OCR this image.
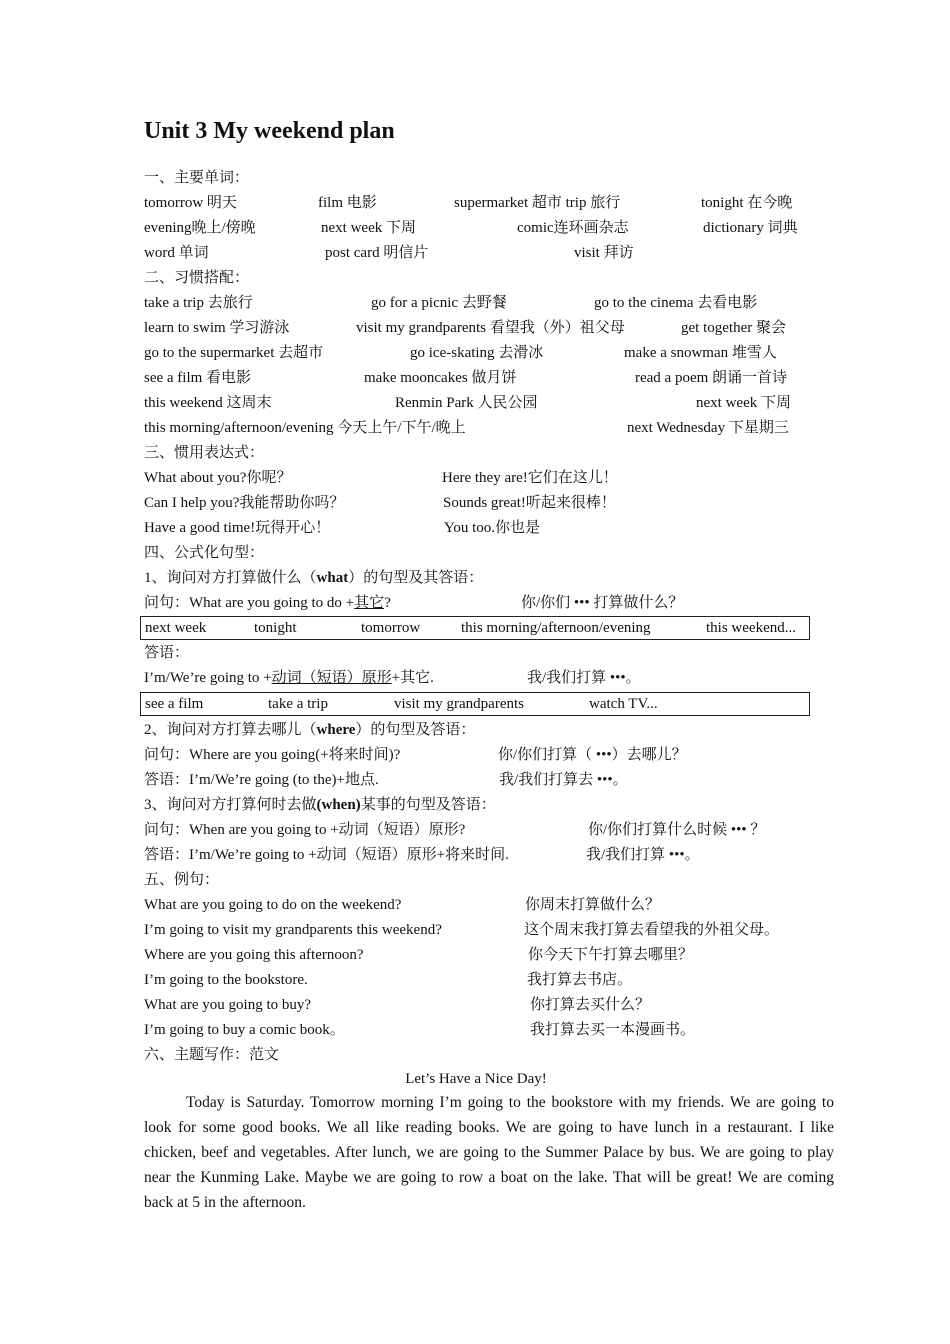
Unit 3 My weekend plan
一、主要单词：
tomorrow 明天	film 电影	supermarket 超市 trip 旅行	tonight 在今晚
evening晚上/傍晚	next week 下周	comic连环画杂志	dictionary 词典
word 单词	post card 明信片	visit 拜访
二、习惯搭配：
take a trip 去旅行	go for a picnic 去野餐	go to the cinema 去看电影
learn to swim 学习游泳	visit my grandparents 看望我（外）祖父母	get together 聚会
go to the supermarket 去超市	go ice-skating 去滑冰	make a snowman 堆雪人
see a film 看电影	make mooncakes 做月饼	read a poem 朗诵一首诗
this weekend 这周末	Renmin Park 人民公园	next week 下周
this morning/afternoon/evening 今天上午/下午/晚上	next Wednesday 下星期三
三、惯用表达式：
What about you?你呢？	Here they are!它们在这儿！
Can I help you?我能帮助你吗？	Sounds great!听起来很棒！
Have a good time!玩得开心！	You too.你也是
四、公式化句型：
1、询问对方打算做什么（what）的句型及其答语：
问句：What are you going to do +其它?	你/你们 ••• 打算做什么？
next week	tonight	tomorrow	this morning/afternoon/evening	this weekend...
答语：
I’m/We’re going to +动词（短语）原形+其它.	我/我们打算 •••。
see a film	take a trip	visit my grandparents	watch TV...
2、询问对方打算去哪儿（where）的句型及答语：
问句：Where are you going(+将来时间)?	你/你们打算（ •••）去哪儿？
答语：I’m/We’re going (to the)+地点.	我/我们打算去 •••。
3、询问对方打算何时去做(when)某事的句型及答语：
问句：When are you going to +动词（短语）原形?	你/你们打算什么时候 ••• ？
答语：I’m/We’re going to +动词（短语）原形+将来时间.	我/我们打算 •••。
五、例句：
What are you going to do on the weekend?	你周末打算做什么？
I’m going to visit my grandparents this weekend?	这个周末我打算去看望我的外祖父母。
Where are you going this afternoon?	你今天下午打算去哪里？
I’m going to the bookstore.	我打算去书店。
What are you going to buy?	你打算去买什么？
I’m going to buy a comic book。	我打算去买一本漫画书。
六、主题写作：范文
Let’s Have a Nice Day!
Today is Saturday. Tomorrow morning I’m going to the bookstore with my friends. We are going to look for some good books. We all like reading books. We are going to have lunch in a restaurant. I like chicken, beef and vegetables. After lunch, we are going to the Summer Palace by bus. We are going to play near the Kunming Lake. Maybe we are going to row a boat on the lake. That will be great! We are coming back at 5 in the afternoon.
